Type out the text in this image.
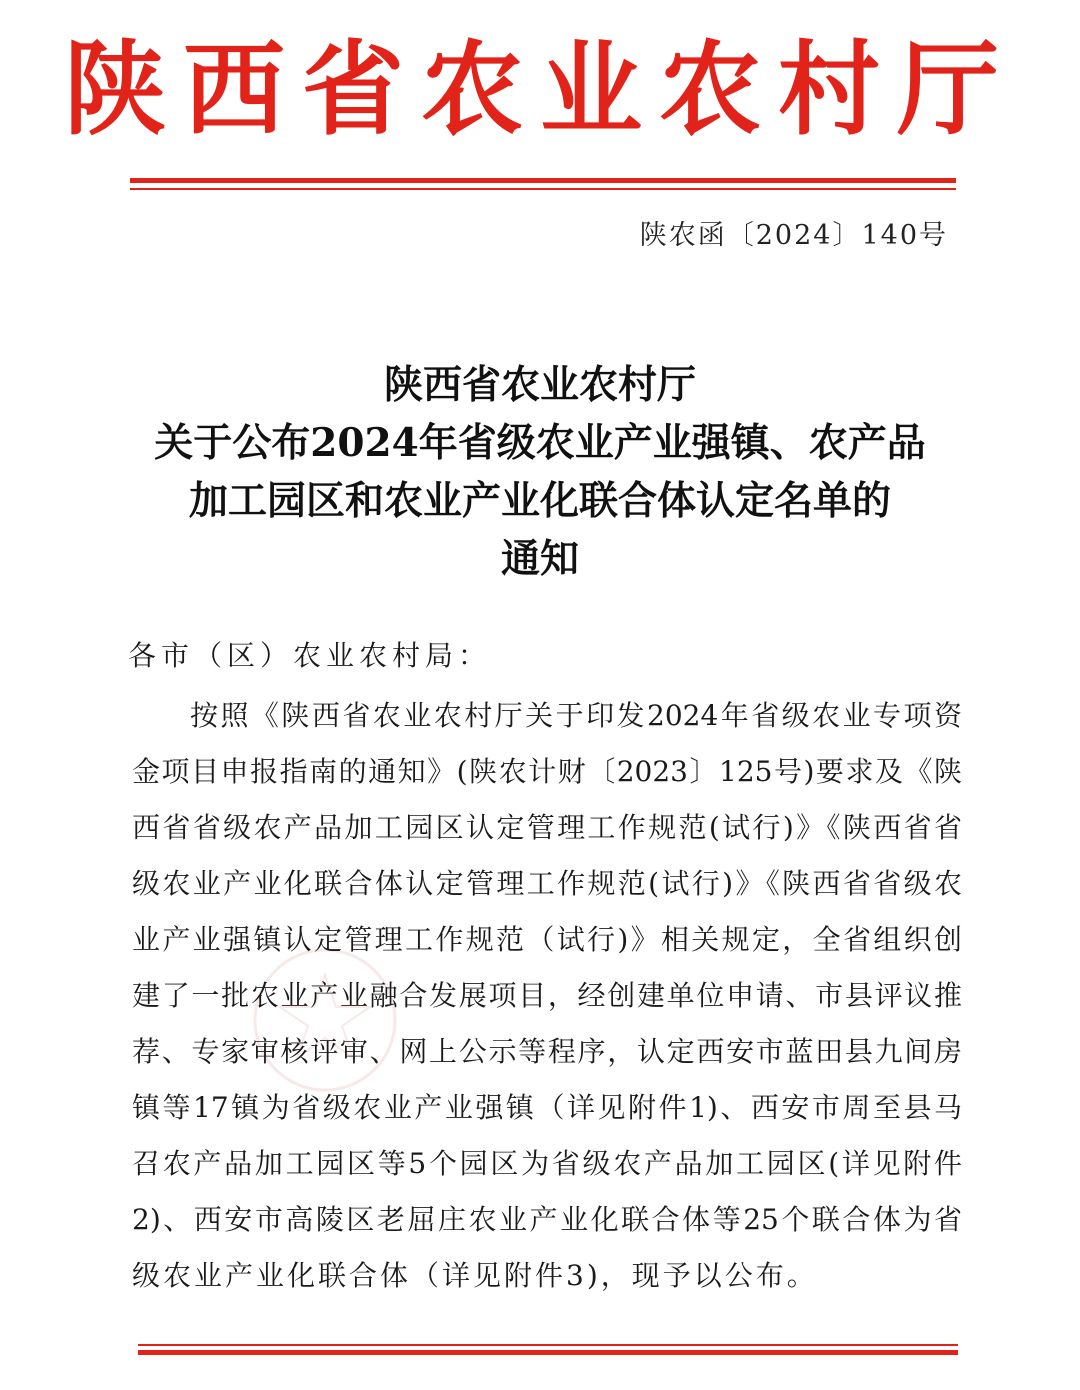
陕西省农业农村厅
陕农函〔2024〕140号
陕西省农业农村厅
关于公布2024年省级农业产业强镇、农产品
加工园区和农业产业化联合体认定名单的
通知
各市（区）农业农村局：
按照《陕西省农业农村厅关于印发2024年省级农业专项资
金项目申报指南的通知》(陕农计财〔2023〕125号)要求及《陕
西省省级农产品加工园区认定管理工作规范(试行)》《陕西省省
级农业产业化联合体认定管理工作规范(试行)》《陕西省省级农
业产业强镇认定管理工作规范（试行)》相关规定，全省组织创
建了一批农业产业融合发展项目，经创建单位申请、市县评议推
荐、专家审核评审、网上公示等程序，认定西安市蓝田县九间房
镇等17镇为省级农业产业强镇（详见附件1)、西安市周至县马
召农产品加工园区等5个园区为省级农产品加工园区(详见附件
2)、西安市高陵区老屈庄农业产业化联合体等25个联合体为省
级农业产业化联合体（详见附件3)，现予以公布。
